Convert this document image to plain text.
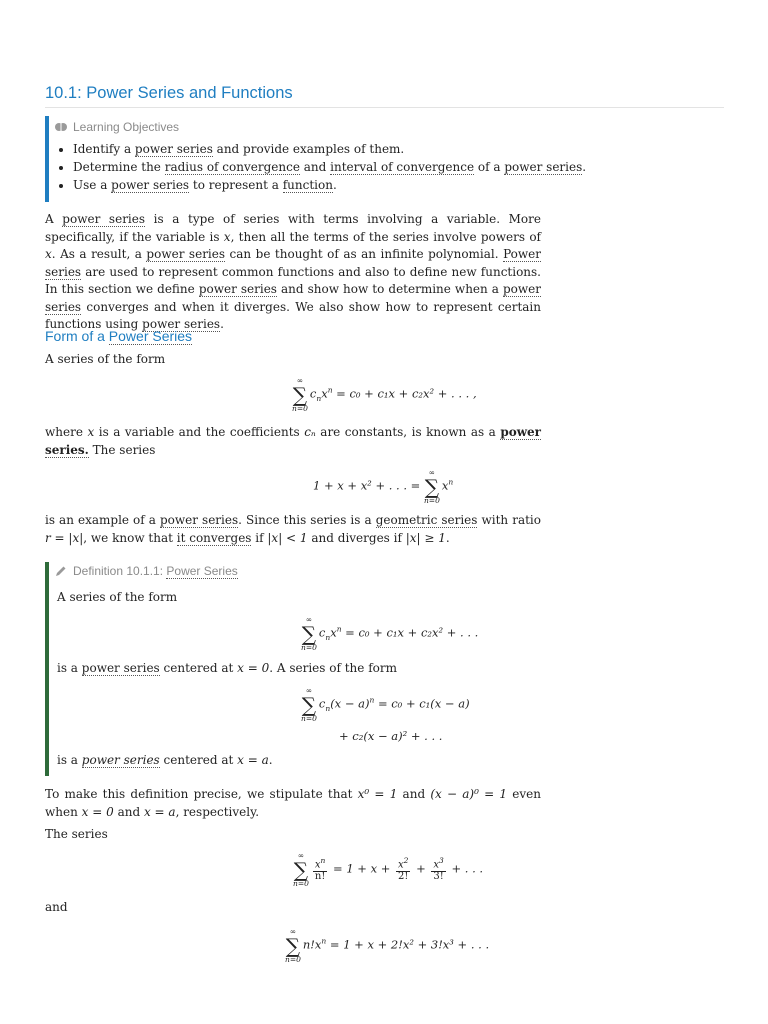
10.1: Power Series and Functions
Learning Objectives
• Identify a power series and provide examples of them.
• Determine the radius of convergence and interval of convergence of a power series.
• Use a power series to represent a function.
A power series is a type of series with terms involving a variable. More specifically, if the variable is x, then all the terms of the series involve powers of x. As a result, a power series can be thought of as an infinite polynomial. Power series are used to represent common functions and also to define new functions. In this section we define power series and show how to determine when a power series converges and when it diverges. We also show how to represent certain functions using power series.
Form of a Power Series
A series of the form
∞
∑
n=0
$c_nx^n = c_0 + c_1x + c_2x^2$ + . . . ,
where x is a variable and the coefficients cₙ are constants, is known as a power series. The series
1 + x + x² + . . . =
∞
∑
n=0
$x^n$
is an example of a power series. Since this series is a geometric series with ratio r = |x|, we know that it converges if |x| < 1 and diverges if |x| ≥ 1.
Definition 10.1.1: Power Series
A series of the form
∞
∑
n=0
$c_nx^n = c_0 + c_1x + c_2x^2$ + . . .
is a power series centered at x = 0. A series of the form
∞
∑
n=0
$c_n(x - a)^n = c_0 + c_1(x - a)$
+ c₂(x − a)² + . . .
is a power series centered at x = a.
To make this definition precise, we stipulate that x⁰ = 1 and (x − a)⁰ = 1 even when x = 0 and x = a, respectively.
The series
∞
∑
n=0
$\frac{x^n}{n!} = 1 + x + \frac{x^2}{2!} + \frac{x^3}{3!}$ + . . .
and
∞
∑
n=0
$n!x^n = 1 + x + 2!x^2 + 3!x^3$ + . . .
